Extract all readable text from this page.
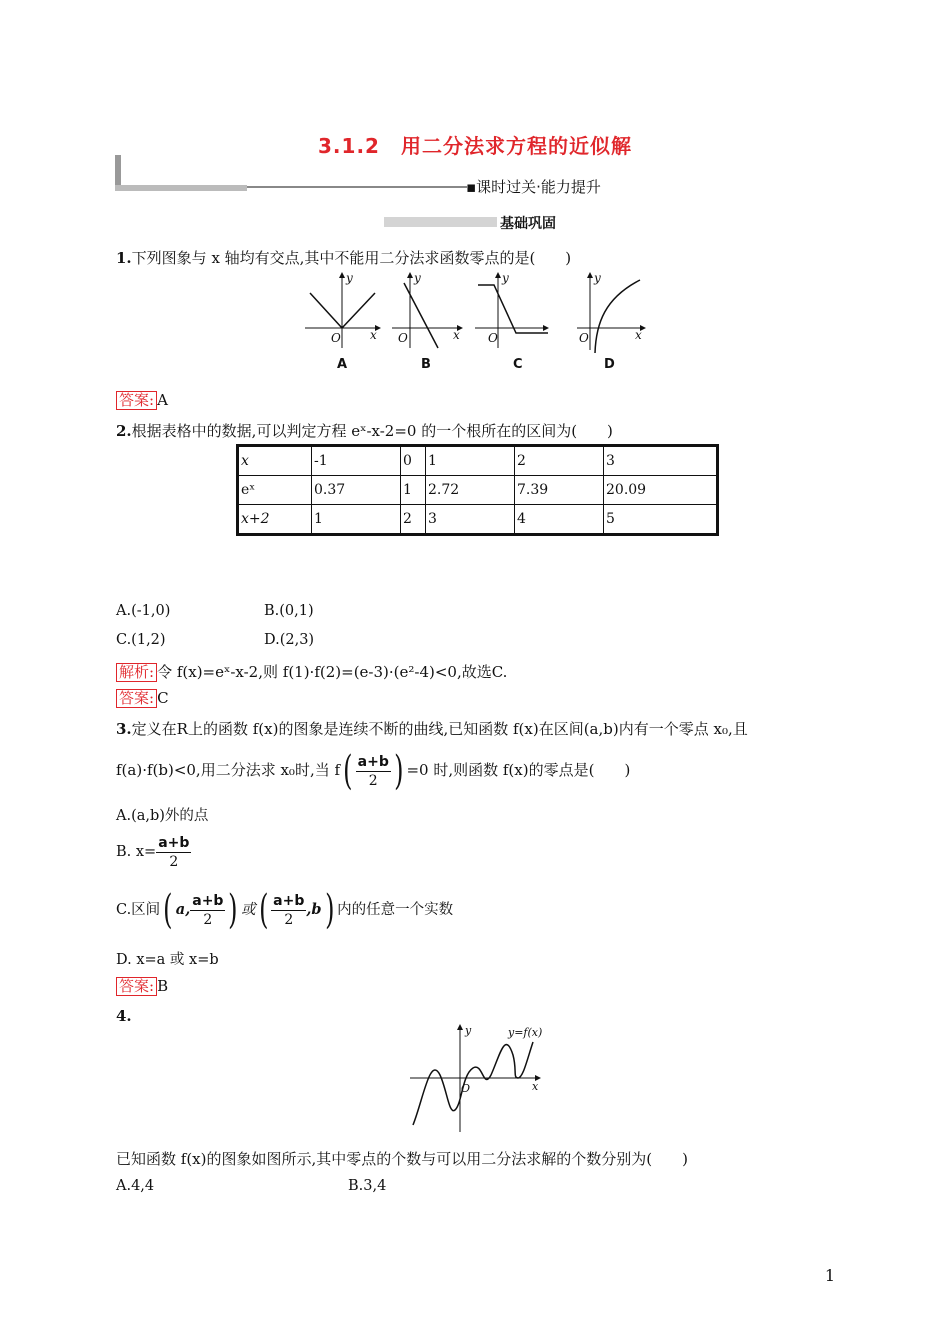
3.1.2　用二分法求方程的近似解
▪课时过关·能力提升
基础巩固
1.下列图象与 x 轴均有交点,其中不能用二分法求函数零点的是(　　)
y
x
O
y
x
O
y
O
y
x
O
A	B	C	D
答案: A
2.根据表格中的数据,可以判定方程 eˣ-x-2=0 的一个根所在的区间为(　　)
x	-1	0	1	2	3
eˣ	0.37	1	2.72	7.39	20.09
x+2	1	2	3	4	5
A.(-1,0)	B.(0,1)
C.(1,2)	D.(2,3)
解析: 令 f(x)=eˣ-x-2,则 f(1)·f(2)=(e-3)·(e²-4)<0,故选C.
答案: C
3.定义在R上的函数 f(x)的图象是连续不断的曲线,已知函数 f(x)在区间(a,b)内有一个零点 x₀,且
f(a)·f(b)<0,用二分法求 x₀时,当 $f( \frac{a+b}{2}$ ) =0 时,则函数 f(x)的零点是(　　)
A.(a,b)外的点
B. $x= \frac{a+b}{2}$
C.区间( a, $\frac{a+b}{2}$ ) 或( $\frac{a+b}{2} ,b$) 内的任意一个实数
D. x=a 或 x=b
答案: B
4.
y
x
O
y=f(x)
已知函数 f(x)的图象如图所示,其中零点的个数与可以用二分法求解的个数分别为(　　)
A.4,4	B.3,4
1
